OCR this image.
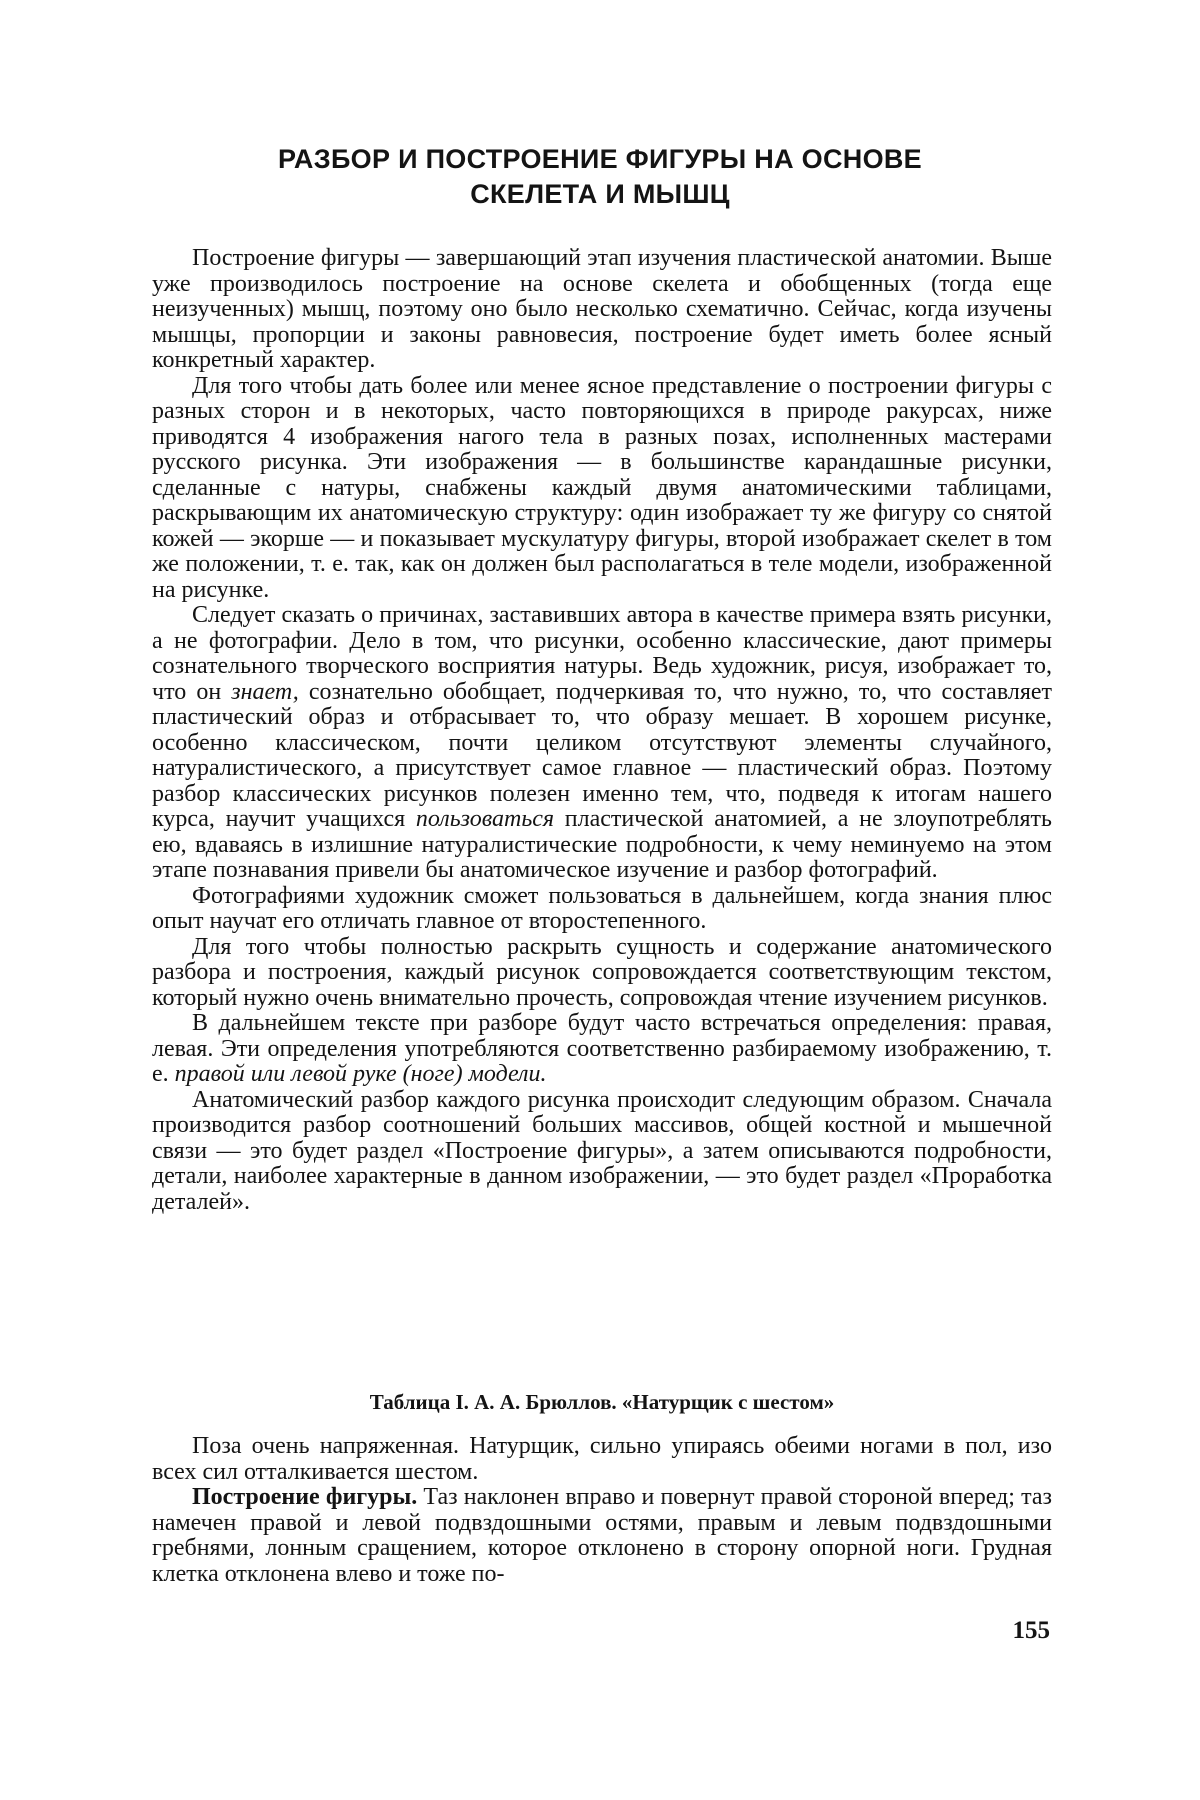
РАЗБОР И ПОСТРОЕНИЕ ФИГУРЫ НА ОСНОВЕ
СКЕЛЕТА И МЫШЦ

Построение фигуры — завершающий этап изучения пластической анатомии. Выше уже производилось построение на основе скелета и обобщенных (тогда еще неизученных) мышц, поэтому оно было несколько схематично. Сейчас, когда изучены мышцы, пропорции и законы равновесия, построение будет иметь более ясный конкретный характер.

Для того чтобы дать более или менее ясное представление о построении фигуры с разных сторон и в некоторых, часто повторяющихся в природе ракурсах, ниже приводятся 4 изображения нагого тела в разных позах, исполненных мастерами русского рисунка. Эти изображения — в большинстве карандашные рисунки, сделанные с натуры, снабжены каждый двумя анатомическими таблицами, раскрывающим их анатомическую структуру: один изображает ту же фигуру со снятой кожей — экорше — и показывает мускулатуру фигуры, второй изображает скелет в том же положении, т. е. так, как он должен был располагаться в теле модели, изображенной на рисунке.

Следует сказать о причинах, заставивших автора в качестве примера взять рисунки, а не фотографии. Дело в том, что рисунки, особенно классические, дают примеры сознательного творческого восприятия натуры. Ведь художник, рисуя, изображает то, что он знает, сознательно обобщает, подчеркивая то, что нужно, то, что составляет пластический образ и отбрасывает то, что образу мешает. В хорошем рисунке, особенно классическом, почти целиком отсутствуют элементы случайного, натуралистического, а присутствует самое главное — пластический образ. Поэтому разбор классических рисунков полезен именно тем, что, подведя к итогам нашего курса, научит учащихся пользоваться пластической анатомией, а не злоупотреблять ею, вдаваясь в излишние натуралистические подробности, к чему неминуемо на этом этапе познавания привели бы анатомическое изучение и разбор фотографий.

Фотографиями художник сможет пользоваться в дальнейшем, когда знания плюс опыт научат его отличать главное от второстепенного.

Для того чтобы полностью раскрыть сущность и содержание анатомического разбора и построения, каждый рисунок сопровождается соответствующим текстом, который нужно очень внимательно прочесть, сопровождая чтение изучением рисунков.

В дальнейшем тексте при разборе будут часто встречаться определения: правая, левая. Эти определения употребляются соответственно разбираемому изображению, т. е. правой или левой руке (ноге) модели.

Анатомический разбор каждого рисунка происходит следующим образом. Сначала производится разбор соотношений больших массивов, общей костной и мышечной связи — это будет раздел «Построение фигуры», а затем описываются подробности, детали, наиболее характерные в данном изображении, — это будет раздел «Проработка деталей».

Таблица I. А. А. Брюллов. «Натурщик с шестом»

Поза очень напряженная. Натурщик, сильно упираясь обеими ногами в пол, изо всех сил отталкивается шестом.

Построение фигуры. Таз наклонен вправо и повернут правой стороной вперед; таз намечен правой и левой подвздошными остями, правым и левым подвздошными гребнями, лонным сращением, которое отклонено в сторону опорной ноги. Грудная клетка отклонена влево и тоже по-

155
